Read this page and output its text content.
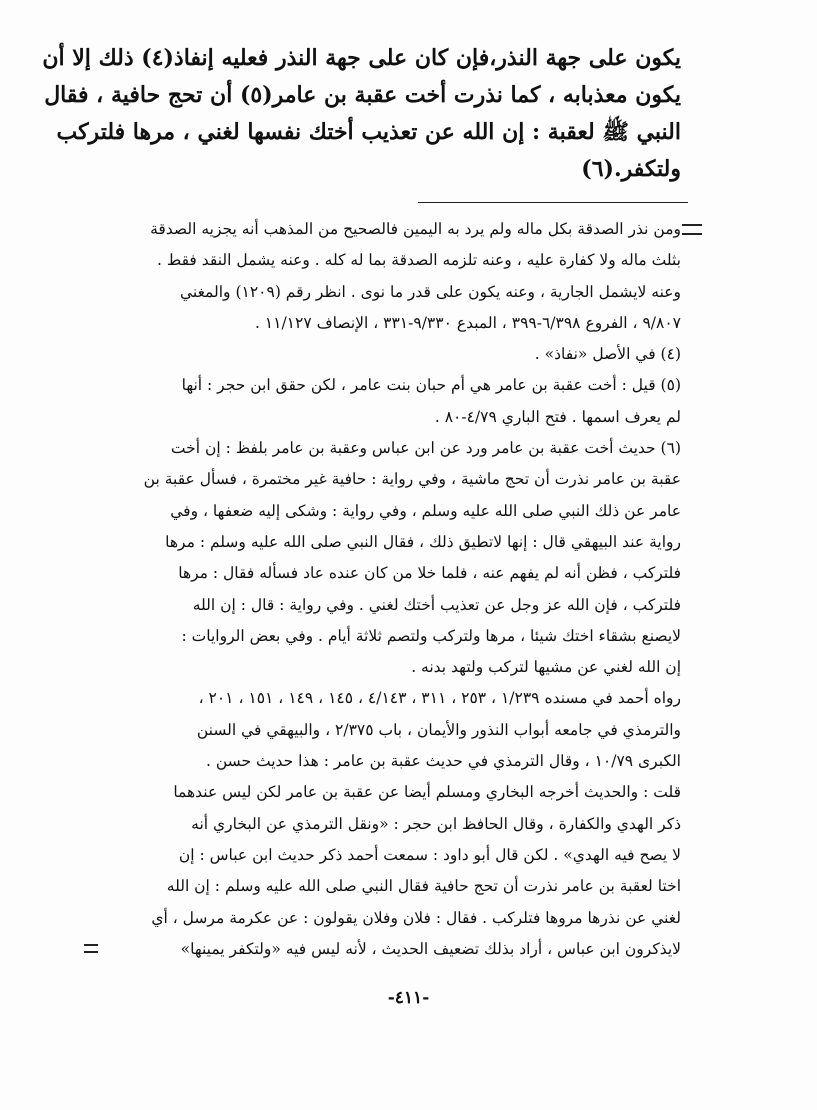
يكون على جهة النذر،فإن كان على جهة النذر فعليه إنفاذ(٤) ذلك إلا أن
يكون معذبابه ، كما نذرت أخت عقبة بن عامر(٥) أن تحج حافية ، فقال
النبي ﷺ لعقبة : إن الله عن تعذيب أختك نفسها لغني ، مرها فلتركب
ولتكفر.(٦)
ومن نذر الصدقة بكل ماله ولم يرد به اليمين فالصحيح من المذهب أنه يجزيه الصدقة
بثلث ماله ولا كفارة عليه ، وعنه تلزمه الصدقة بما له كله . وعنه يشمل النقد فقط .
وعنه لايشمل الجارية ، وعنه يكون على قدر ما نوى . انظر رقم (١٢٠٩) والمغني
٩/٨٠٧ ، الفروع ٦/٣٩٨-٣٩٩ ، المبدع ٩/٣٣٠-٣٣١ ، الإنصاف ١١/١٢٧ .
(٤) في الأصل «نفاذ» .
(٥) قيل : أخت عقبة بن عامر هي أم حبان بنت عامر ، لكن حقق ابن حجر : أنها
لم يعرف اسمها . فتح الباري ٤/٧٩-٨٠ .
(٦) حديث أخت عقبة بن عامر ورد عن ابن عباس وعقبة بن عامر بلفظ : إن أخت
عقبة بن عامر نذرت أن تحج ماشية ، وفي رواية : حافية غير مختمرة ، فسأل عقبة بن
عامر عن ذلك النبي صلى الله عليه وسلم ، وفي رواية : وشكى إليه ضعفها ، وفي
رواية عند البيهقي قال : إنها لاتطيق ذلك ، فقال النبي صلى الله عليه وسلم : مرها
فلتركب ، فظن أنه لم يفهم عنه ، فلما خلا من كان عنده عاد فسأله فقال : مرها
فلتركب ، فإن الله عز وجل عن تعذيب أختك لغني . وفي رواية : قال : إن الله
لايصنع بشقاء اختك شيئا ، مرها ولتركب ولتصم ثلاثة أيام . وفي بعض الروايات :
إن الله لغني عن مشيها لتركب ولتهد بدنه .
رواه أحمد في مسنده ١/٢٣٩ ، ٢٥٣ ، ٣١١ ، ٤/١٤٣ ، ١٤٥ ، ١٤٩ ، ١٥١ ، ٢٠١ ،
والترمذي في جامعه أبواب النذور والأيمان ، باب ٢/٣٧٥ ، والبيهقي في السنن
الكبرى ١٠/٧٩ ، وقال الترمذي في حديث عقبة بن عامر : هذا حديث حسن .
قلت : والحديث أخرجه البخاري ومسلم أيضا عن عقبة بن عامر لكن ليس عندهما
ذكر الهدي والكفارة ، وقال الحافظ ابن حجر : «ونقل الترمذي عن البخاري أنه
لا يصح فيه الهدي» . لكن قال أبو داود : سمعت أحمد ذكر حديث ابن عباس : إن
اختا لعقبة بن عامر نذرت أن تحج حافية فقال النبي صلى الله عليه وسلم : إن الله
لغني عن نذرها مروها فتلركب . فقال : فلان وفلان يقولون : عن عكرمة مرسل ، أي
لايذكرون ابن عباس ، أراد بذلك تضعيف الحديث ، لأنه ليس فيه «ولتكفر يمينها»
-٤١١-
